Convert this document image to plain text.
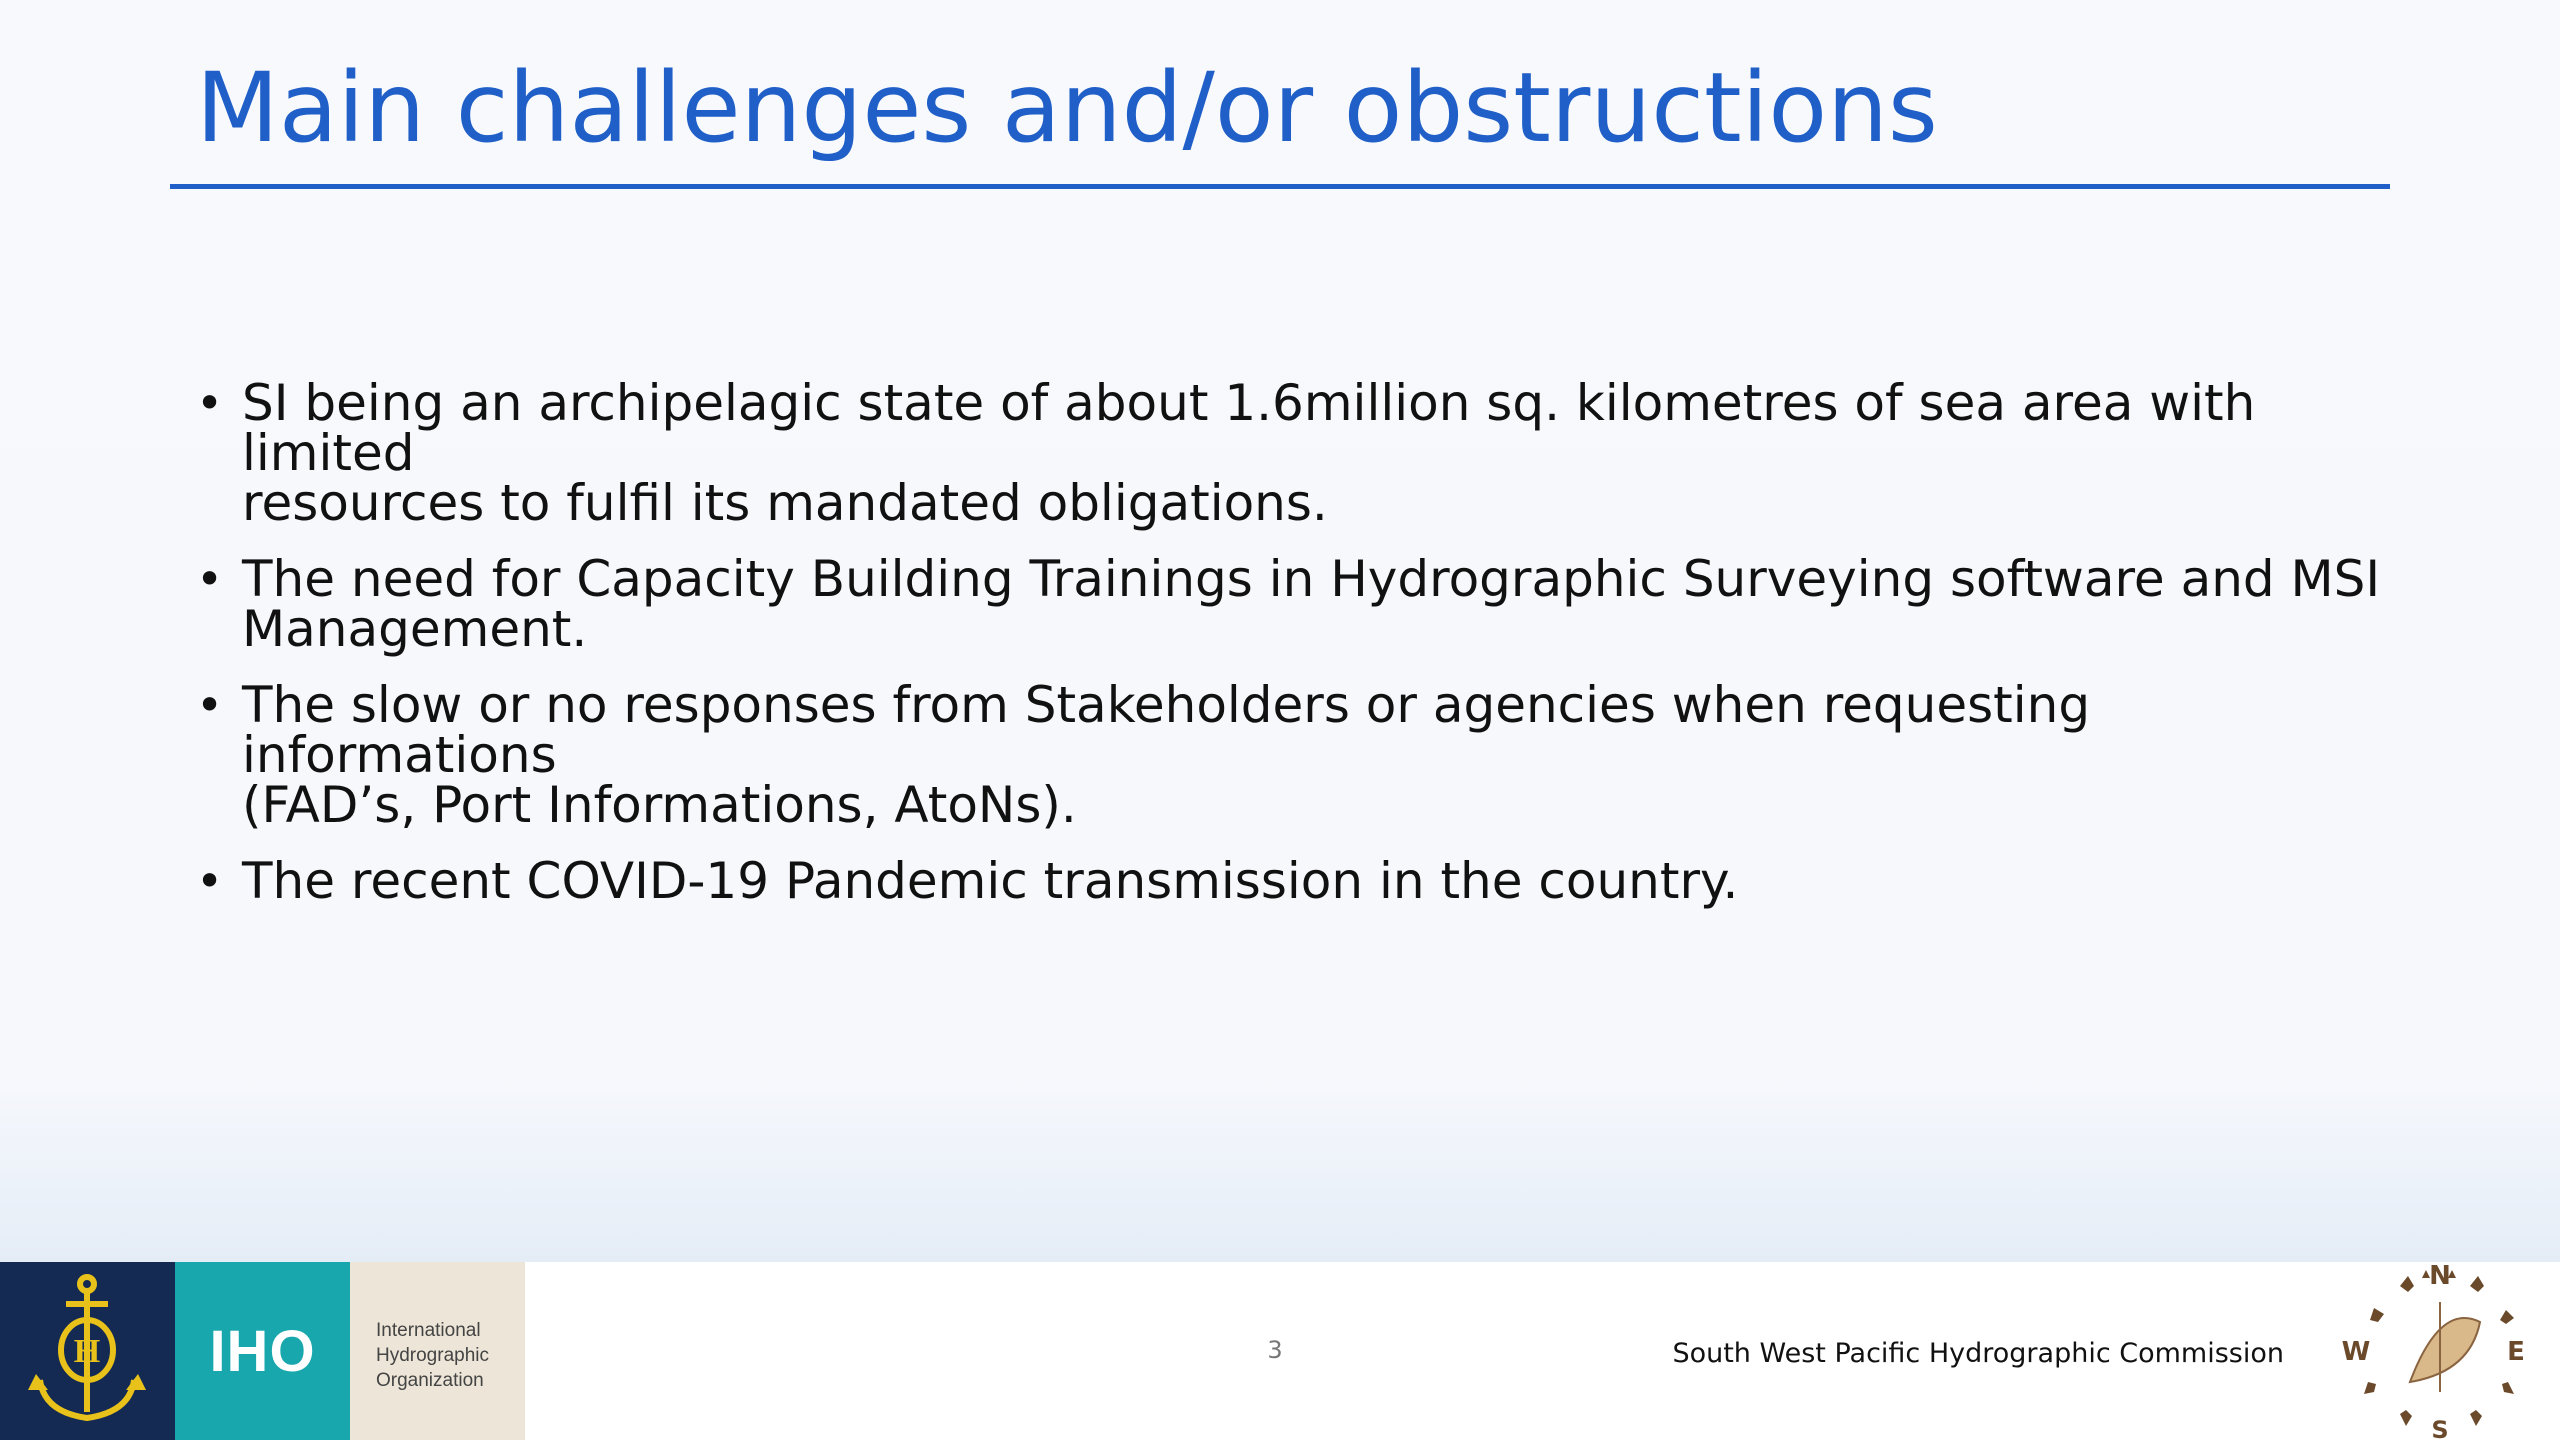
Main challenges and/or obstructions
• SI being an archipelagic state of about 1.6million sq. kilometres of sea area with limited
resources to fulfil its mandated obligations.
• The need for Capacity Building Trainings in Hydrographic Surveying software and MSI
Management.
• The slow or no responses from Stakeholders or agencies when requesting informations
(FAD’s, Port Informations, AtoNs).
• The recent COVID-19 Pandemic transmission in the country.
H IHO	International
Hydrographic
Organization
3	South West Pacific Hydrographic Commission
N
E
S
W
